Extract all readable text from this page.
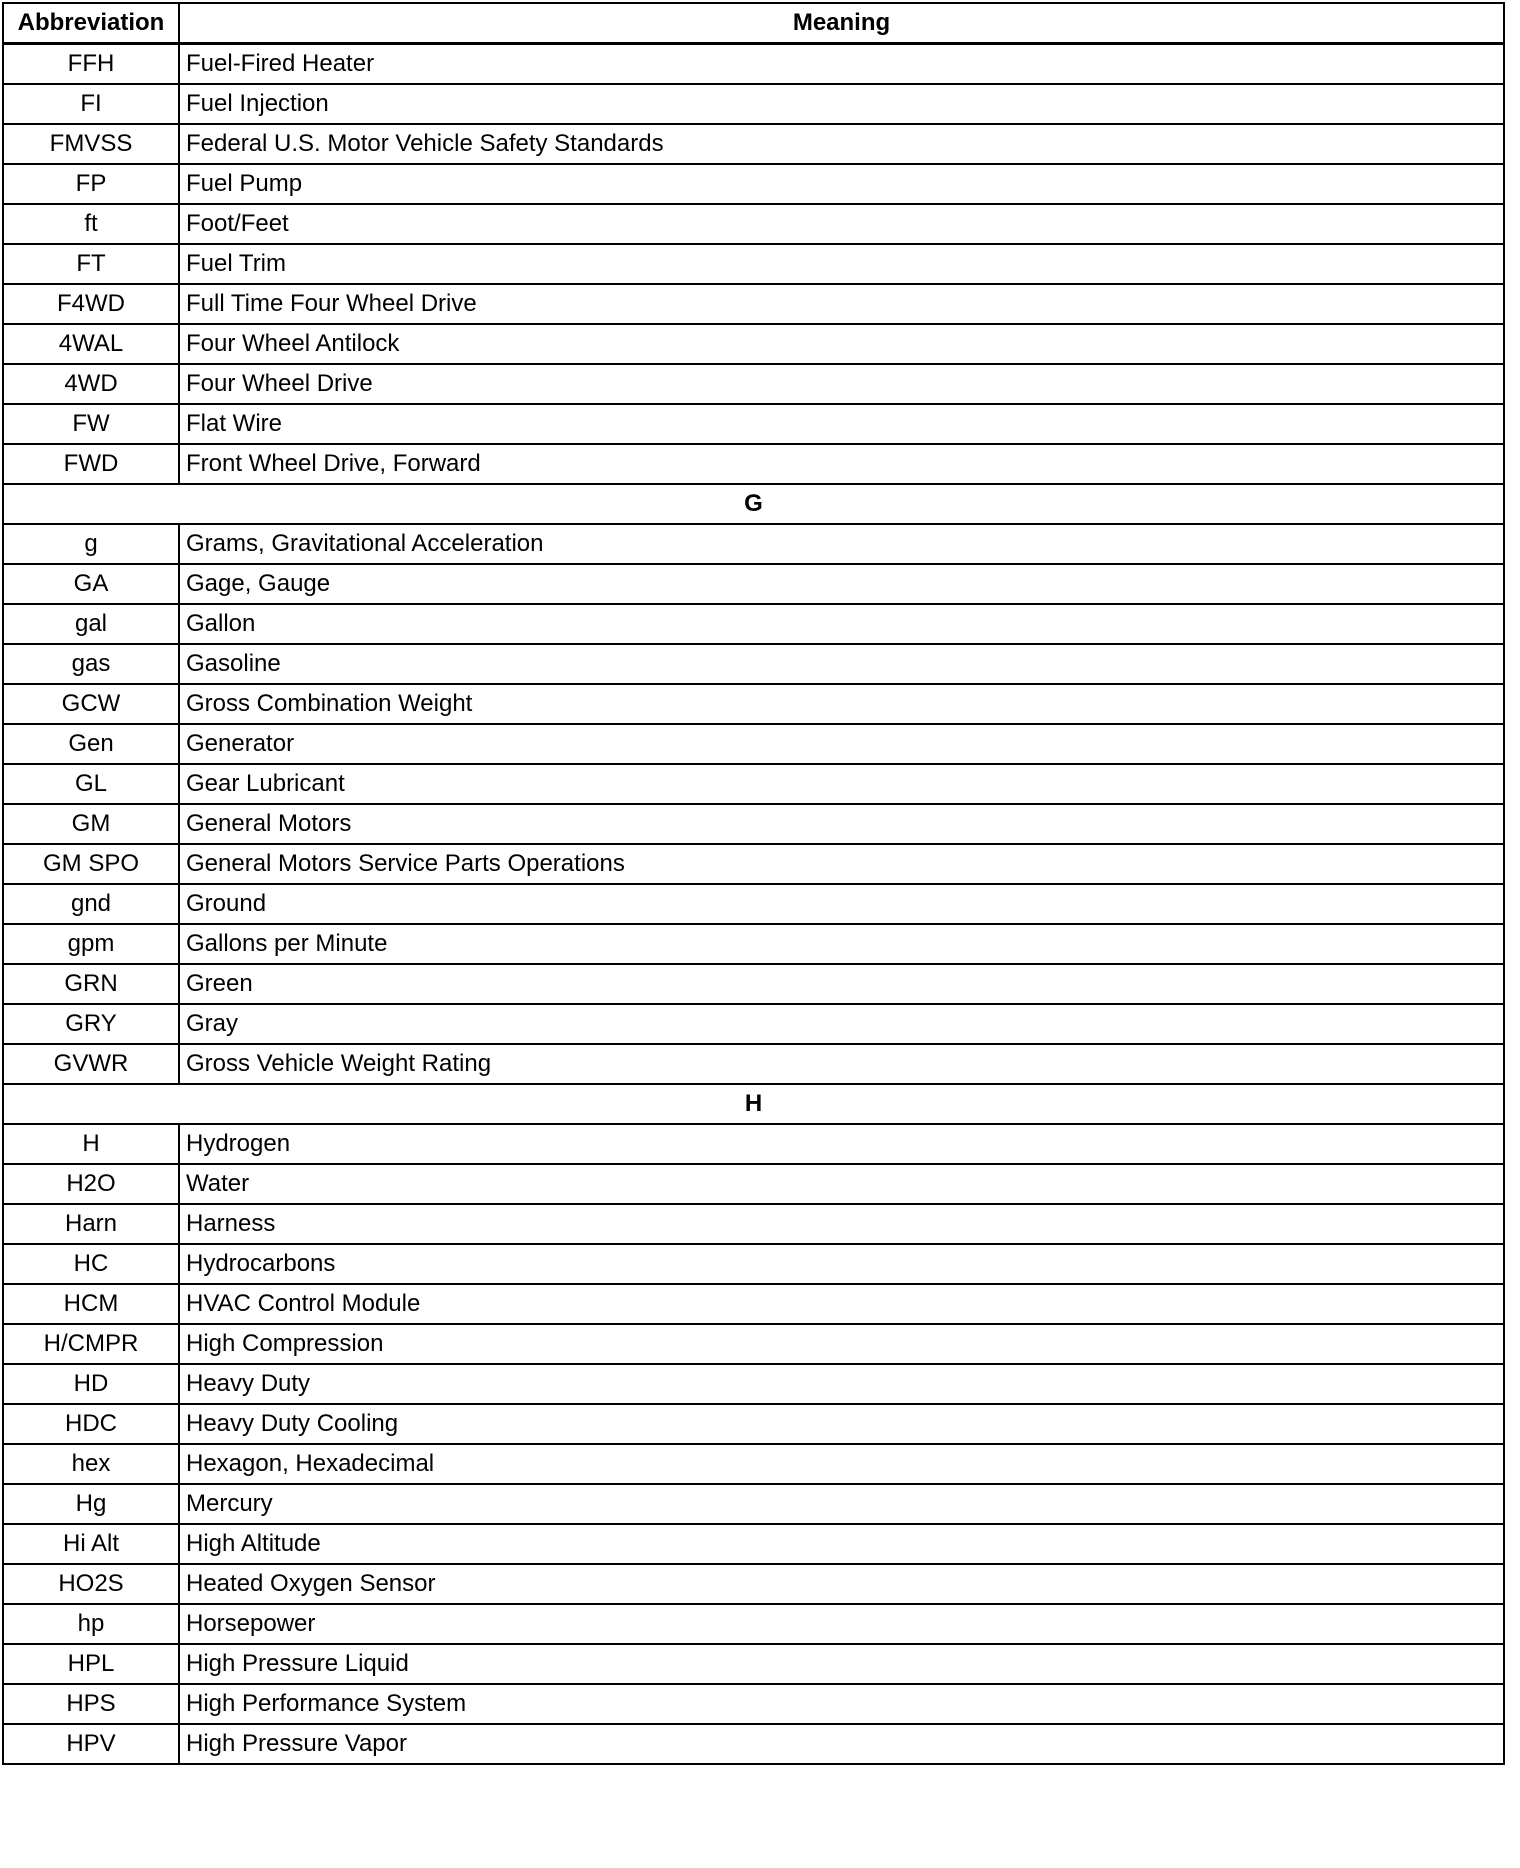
Abbreviation	Meaning
FFH	Fuel-Fired Heater
FI	Fuel Injection
FMVSS	Federal U.S. Motor Vehicle Safety Standards
FP	Fuel Pump
ft	Foot/Feet
FT	Fuel Trim
F4WD	Full Time Four Wheel Drive
4WAL	Four Wheel Antilock
4WD	Four Wheel Drive
FW	Flat Wire
FWD	Front Wheel Drive, Forward
G	
g	Grams, Gravitational Acceleration
GA	Gage, Gauge
gal	Gallon
gas	Gasoline
GCW	Gross Combination Weight
Gen	Generator
GL	Gear Lubricant
GM	General Motors
GM SPO	General Motors Service Parts Operations
gnd	Ground
gpm	Gallons per Minute
GRN	Green
GRY	Gray
GVWR	Gross Vehicle Weight Rating
H	
H	Hydrogen
H2O	Water
Harn	Harness
HC	Hydrocarbons
HCM	HVAC Control Module
H/CMPR	High Compression
HD	Heavy Duty
HDC	Heavy Duty Cooling
hex	Hexagon, Hexadecimal
Hg	Mercury
Hi Alt	High Altitude
HO2S	Heated Oxygen Sensor
hp	Horsepower
HPL	High Pressure Liquid
HPS	High Performance System
HPV	High Pressure Vapor
